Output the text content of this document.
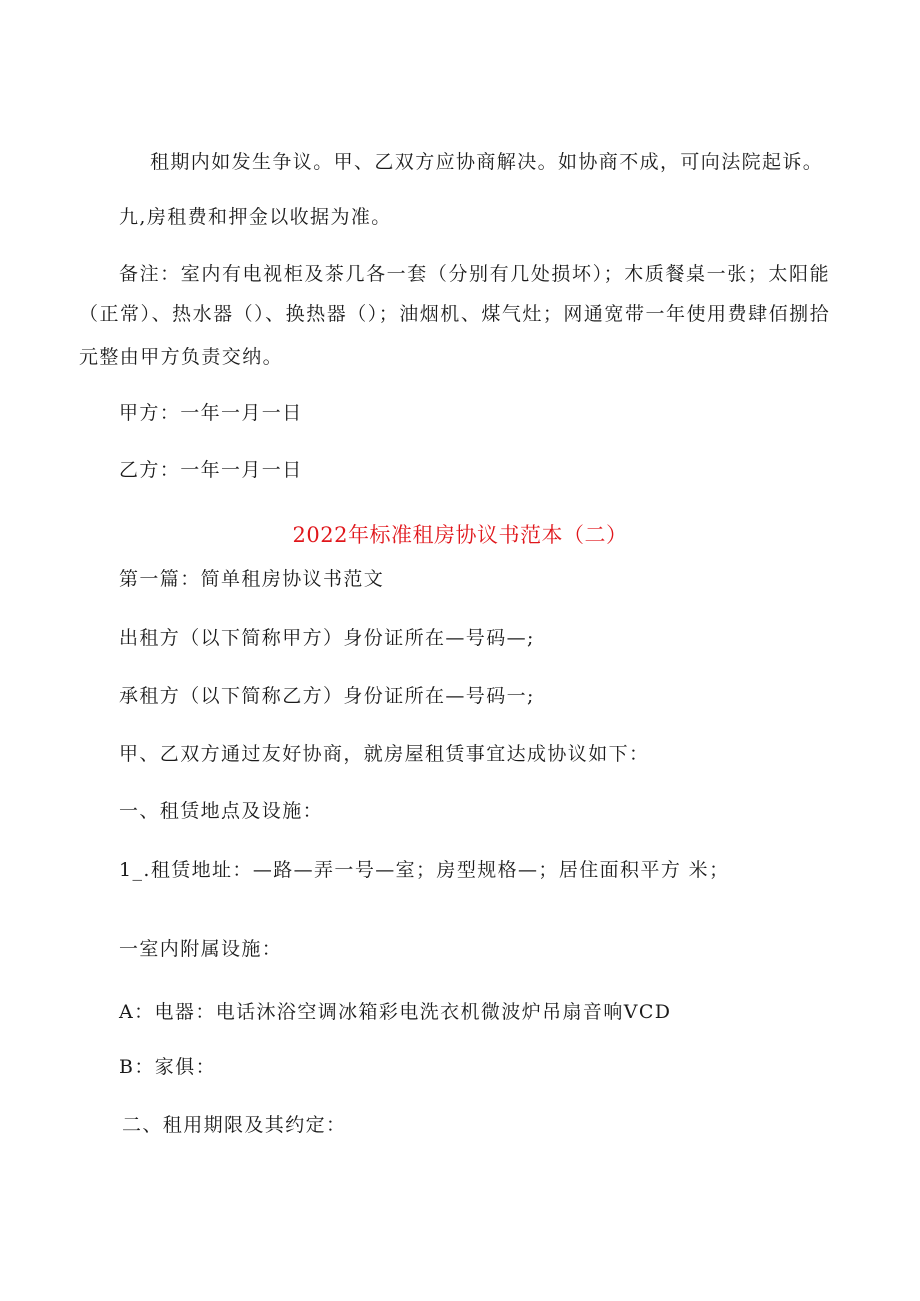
租期内如发生争议。甲、乙双方应协商解决。如协商不成，可向法院起诉。
九,房租费和押金以收据为准。
备注：室内有电视柜及茶几各一套（分别有几处损坏）；木质餐桌一张；太阳能
（正常）、热水器（）、换热器（）；油烟机、煤气灶；网通宽带一年使用费肆佰捌拾
元整由甲方负责交纳。
甲方：一年一月一日
乙方：一年一月一日
2022年标准租房协议书范本（二）
第一篇：简单租房协议书范文
出租方（以下简称甲方）身份证所在—号码—;
承租方（以下简称乙方）身份证所在—号码一;
甲、乙双方通过友好协商，就房屋租赁事宜达成协议如下：
一、租赁地点及设施：
1_.租赁地址：—路—弄一号—室；房型规格—；居住面积平方 米；
一室内附属设施：
A：电器：电话沐浴空调冰箱彩电洗衣机微波炉吊扇音响VCD
B：家俱：
二、租用期限及其约定：
